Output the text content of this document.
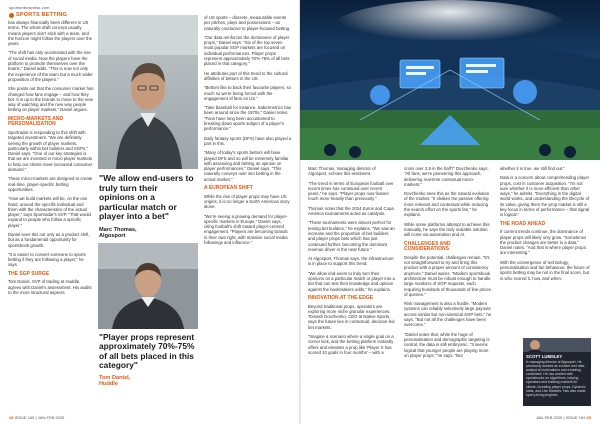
sportsinbusiness.com
SPORTS BETTING

has always financially been different in US terms. The whole draft concept usually means players don't stick with a team, and the horizon might follow the players over the years.

"The shift has only accelerated with the rise of social media. Now the players have the platform to promote themselves over the teams," Daniel adds. "This is now not only the experience of the team but a much wider proposition of the players."

She points out that the consumer market has changed how fans engage – and how they bet. It is up to the brands to move to the new way of watching and the new way people betting on player markets," Daniel argues.

MICRO-MARKETS AND PERSONALISATION

Sportradar is responding to this shift with targeted investment. "We are definitely seeing the growth of player markets, particularly within bet builders and SGPs," Daniel says. "One of our key strategies is that we are invested in micro player markets to help our clients meet increased consumer demand."

These micro-markets are designed to create real-time, player-specific betting opportunities.

"How we build markets will be, on the one hand, around the specific individual and them with the characteristics of the actual player," says Sportradar's SVP. "That would expand to people who follow a specific player."

Daniel sees this not only as a product shift, but as a fundamental opportunity for sportsbook growth.

"It is easier to convert someone to sports betting if they are following a player," he says.

THE SGP SURGE

Tom Daniel, SVP of trading at Huddle, agrees with Daniel's assessment. His audits to the more structural aspects

"We allow end-users to truly turn their opinions on a particular match or player into a bet"
Marc Thomas,
Algosport
"Player props represent approximately 70%-75% of all bets placed in this category"
Tom Daniel,
Huddle

of US sports – discrete, measurable events per pitches, plays and possessions – as naturally conducive to player-focused betting.

"Our data reinforces the dominance of player props," Daniel says. "Six of the top seven most popular SGP markets are focused on individual performances. Player props represent approximately 70%-75% of all bets placed in that category."

He attributes part of this trend to the cultural affinities of bettors in the US.

"Bettors like to back their favourite players, so much so we're being forced with the engagement of fans on US."

"Take baseball for instance. Sabermetrics has been around since the 1970s," Daniel notes. "Fans have long been accustomed to breaking down sports subject of a player's performance."

Daily fantasy sports (DFS) have also played a part in this.

"Many of today's sports bettors will have played DFS and so will be extremely familiar with assessing and betting an opinion on player performances," Daniel says. "This naturally conveys over into betting in the actual market."

A EUROPEAN SHIFT

While the rise of player props may have US origins, it is no longer a North American story alone.

"We're seeing a growing demand for player-specific markets in Europe," Daniel says, citing football's shift toward player-centred engagement. "Players are becoming brands in their own right, with massive social media followings and influence."

28 ISSUE 169 | JAN-FEB 2025

Marc Thomas, managing director of Algosport, echoes this sentiment.

"The trend in terms of European football over recent times has continued over recent years," he says. "Player props now feature much more heavily than previously."

Thomas notes that the 2024 Euros and Copa América tournaments acted as catalysts.

"These tournaments were almost perfect for testing bet builders," he explains. "We saw an increase and the proportion of bet builders and player props bets which has just continued further, becoming the dominant revenue driver in the near future."

At Algosport, Thomas says, the infrastructure is in place to support this trend.

"We allow end-users to truly turn their opinions on a particular match or player into a bet that can test their knowledge and opinion against the bookmakers odds," he explains.

INNOVATION AT THE EDGE

Beyond traditional props, operators are exploring more niche granular experiences. Tomash Dovzhenko, CEO at Native Sports, says the future lies in contextual, decision-led bet markets.

"Imagine a scenario where a single goal on a corner kick, and the betting platform instantly offers and elevates a prop like 'Player X has scored 10 goals in four months' – with a

cross over 2.5 in the half?" Dovzhenko says. "All fans, we're pioneering this approach, delivering real-time contextual micro-markets."

Dovzhenko sees this as the natural evolution of the market. "It shakes the passive offering more relevant and contextual while reducing the search effort on the sports fan," he explains.

While some platforms attempt to achieve this manually, he says the truly scalable solution will come via automation and AI.

CHALLENGES AND CONSIDERATIONS

Despite the potential, challenges remain. "It's not straightforward to try and bring this product with a proper amount of consistency anymore," Daniel warns. "Modern sportsbook architecture must be robust enough to handle large numbers of SGP requests, each requiring hundreds of thousands of line prices of queries."

Risk management is also a hurdle. "Modern systems can reliably selectively large payouts across similar but non-identical SGP bets," he says. "But not all the challenges have been overcome."

"Daniel notes that, while the huge of personalisation and demographic targeting is central, the data is still embryonic. "It seems logical that younger people are playing more on player props," he says. "But

whether it is true, we still find out."

Data is a concern about comprehending player props, cost in customer acquisition. "I'm not sure whether it is more efficient than other ways," he admits. "Everything in the digital world works, and understanding the lifecycle of its value, giving them the prop market is still a key focus in terms of performance – that signal is logical."

THE ROAD AHEAD

If current trends continue, the dominance of player props will likely only grow. "Sometimes the product changes are better in a data," Daniel notes. "And that is where player props are interesting."

With the convergence of technology, personalisation and fan behaviour, the future of sports betting may be not in the final score, but in who scored it, how, and when.

JAN-FEB 2025 | ISSUE 169 29
SCOTT LUMSLEY
Is managing director of Algosport. He previously worked as a trader and data analyst at bookmakers and a trading consultant. He has worked with sportsbooks on algorithms, helping operators and building markets for clients, including player props, Dynamic odds, and Live Markets. Has also made sport pricing engines.
